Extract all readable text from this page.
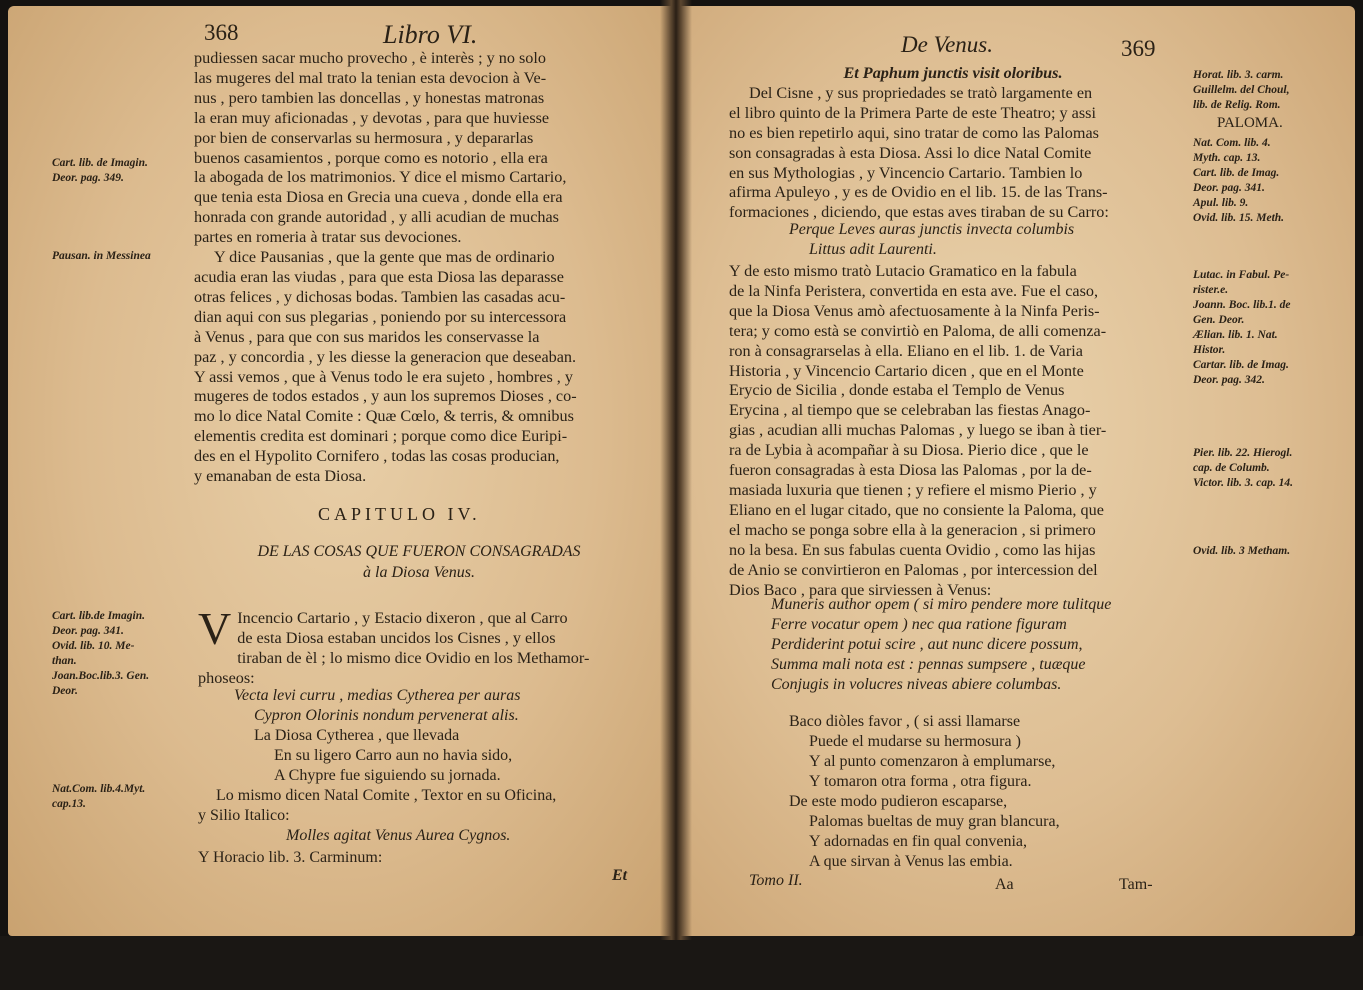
368	Libro VI.
pudiessen sacar mucho provecho , è interès ; y no solo
las mugeres del mal trato la tenian esta devocion à Ve-
nus , pero tambien las doncellas , y honestas matronas
la eran muy aficionadas , y devotas , para que huviesse
por bien de conservarlas su hermosura , y depararlas
buenos casamientos , porque como es notorio , ella era
la abogada de los matrimonios. Y dice el mismo Cartario,
que tenia esta Diosa en Grecia una cueva , donde ella era
honrada con grande autoridad , y alli acudian de muchas
partes en romeria à tratar sus devociones.
Y dice Pausanias , que la gente que mas de ordinario
acudia eran las viudas , para que esta Diosa las deparasse
otras felices , y dichosas bodas. Tambien las casadas acu-
dian aqui con sus plegarias , poniendo por su intercessora
à Venus , para que con sus maridos les conservasse la
paz , y concordia , y les diesse la generacion que deseaban.
Y assi vemos , que à Venus todo le era sujeto , hombres , y
mugeres de todos estados , y aun los supremos Dioses , co-
mo lo dice Natal Comite : Quæ Cœlo, & terris, & omnibus
elementis credita est dominari ; porque como dice Euripi-
des en el Hypolito Cornifero , todas las cosas producian,
y emanaban de esta Diosa.
CAPITULO IV.
DE LAS COSAS QUE FUERON CONSAGRADAS
à la Diosa Venus.
V Incencio Cartario , y Estacio dixeron , que al Carro
de esta Diosa estaban uncidos los Cisnes , y ellos
tiraban de èl ; lo mismo dice Ovidio en los Methamor-
phoseos:
Vecta levi curru , medias Cytherea per auras
Cypron Olorinis nondum pervenerat alis.
La Diosa Cytherea , que llevada
En su ligero Carro aun no havia sido,
A Chypre fue siguiendo su jornada.
Lo mismo dicen Natal Comite , Textor en su Oficina,
y Silio Italico:
Molles agitat Venus Aurea Cygnos.
Y Horacio lib. 3. Carminum:
Et
Cart. lib. de Imagin.
Deor. pag. 349.
Pausan. in Messinea
Cart. lib.de Imagin.
Deor. pag. 341.
Ovid. lib. 10. Me-
than.
Joan.Boc.lib.3. Gen.
Deor.
Nat.Com. lib.4.Myt.
cap.13.
De Venus.	369

Et Paphum junctis visit oloribus.

Del Cisne , y sus propriedades se tratò largamente en
el libro quinto de la Primera Parte de este Theatro; y assi
no es bien repetirlo aqui, sino tratar de como las Palomas
son consagradas à esta Diosa. Assi lo dice Natal Comite
en sus Mythologias , y Vincencio Cartario. Tambien lo
afirma Apuleyo , y es de Ovidio en el lib. 15. de las Trans-
formaciones , diciendo, que estas aves tiraban de su Carro:
Perque Leves auras junctis invecta columbis
Littus adit Laurenti.
Y de esto mismo tratò Lutacio Gramatico en la fabula
de la Ninfa Peristera, convertida en esta ave. Fue el caso,
que la Diosa Venus amò afectuosamente à la Ninfa Peris-
tera; y como està se convirtiò en Paloma, de alli comenza-
ron à consagrarselas à ella. Eliano en el lib. 1. de Varia
Historia , y Vincencio Cartario dicen , que en el Monte
Erycio de Sicilia , donde estaba el Templo de Venus
Erycina , al tiempo que se celebraban las fiestas Anago-
gias , acudian alli muchas Palomas , y luego se iban à tier-
ra de Lybia à acompañar à su Diosa. Pierio dice , que le
fueron consagradas à esta Diosa las Palomas , por la de-
masiada luxuria que tienen ; y refiere el mismo Pierio , y
Eliano en el lugar citado, que no consiente la Paloma, que
el macho se ponga sobre ella à la generacion , si primero
no la besa. En sus fabulas cuenta Ovidio , como las hijas
de Anio se convirtieron en Palomas , por intercession del
Dios Baco , para que sirviessen à Venus:
Muneris author opem ( si miro pendere more tulitque
Ferre vocatur opem ) nec qua ratione figuram
Perdiderint potui scire , aut nunc dicere possum,
Summa mali nota est : pennas sumpsere , tuæque
Conjugis in volucres niveas abiere columbas.
Baco diòles favor , ( si assi llamarse
Puede el mudarse su hermosura )
Y al punto comenzaron à emplumarse,
Y tomaron otra forma , otra figura.
De este modo pudieron escaparse,
Palomas bueltas de muy gran blancura,
Y adornadas en fin qual convenia,
A que sirvan à Venus las embia.
Tomo II.	Aa	Tam-
Horat. lib. 3. carm.
Guillelm. del Choul,
lib. de Relig. Rom.
PALOMA.
Nat. Com. lib. 4.
Myth. cap. 13.
Cart. lib. de Imag.
Deor. pag. 341.
Apul. lib. 9.
Ovid. lib. 15. Meth.
Lutac. in Fabul. Pe-
rister.e.
Joann. Boc. lib.1. de
Gen. Deor.
Ælian. lib. 1. Nat.
Histor.
Cartar. lib. de Imag.
Deor. pag. 342.
Pier. lib. 22. Hierogl.
cap. de Columb.
Victor. lib. 3. cap. 14.
Ovid. lib. 3 Metham.
